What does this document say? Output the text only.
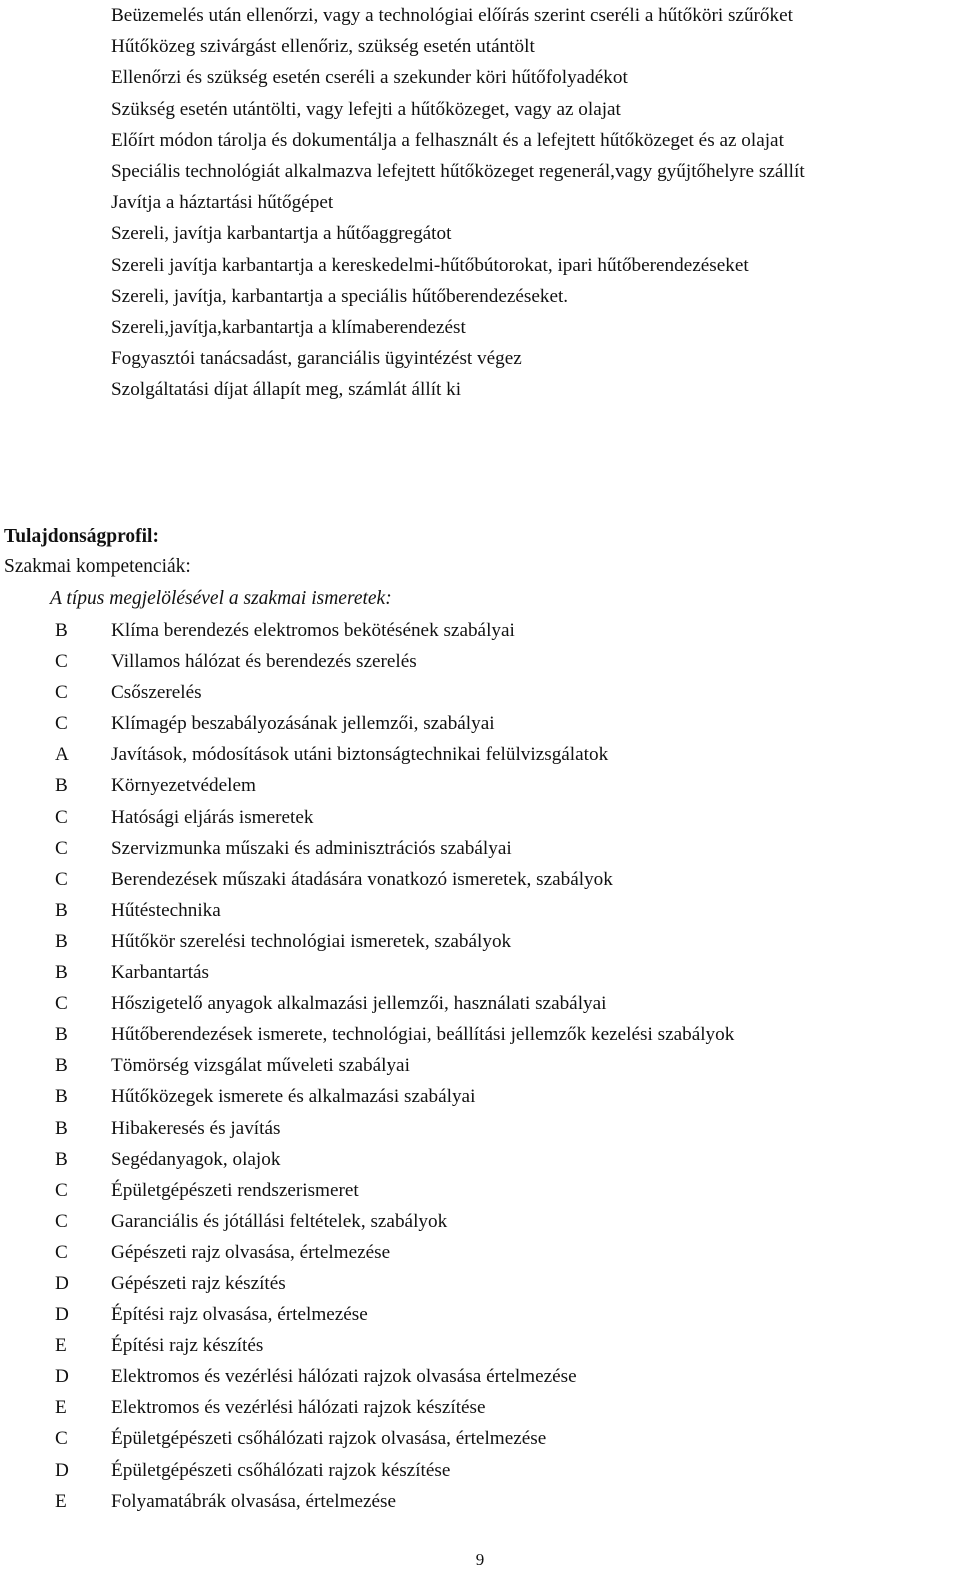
Beüzemelés után ellenőrzi, vagy a technológiai előírás szerint cseréli a hűtőköri szűrőket
Hűtőközeg szivárgást ellenőriz, szükség esetén utántölt
Ellenőrzi és szükség esetén cseréli a szekunder köri hűtőfolyadékot
Szükség esetén utántölti, vagy lefejti a hűtőközeget, vagy az olajat
Előírt módon tárolja és dokumentálja a felhasznált és a lefejtett hűtőközeget és az olajat
Speciális technológiát alkalmazva lefejtett hűtőközeget regenerál,vagy gyűjtőhelyre szállít
Javítja a háztartási hűtőgépet
Szereli, javítja karbantartja a hűtőaggregátot
Szereli javítja karbantartja a kereskedelmi-hűtőbútorokat, ipari hűtőberendezéseket
Szereli, javítja, karbantartja a speciális hűtőberendezéseket.
Szereli,javítja,karbantartja a klímaberendezést
Fogyasztói tanácsadást, garanciális ügyintézést végez
Szolgáltatási díjat állapít meg, számlát állít ki
Tulajdonságprofil:
Szakmai kompetenciák:
A típus megjelölésével a szakmai ismeretek:
B	Klíma berendezés elektromos bekötésének szabályai
C	Villamos hálózat és berendezés szerelés
C	Csőszerelés
C	Klímagép beszabályozásának jellemzői, szabályai
A	Javítások, módosítások utáni biztonságtechnikai felülvizsgálatok
B	Környezetvédelem
C	Hatósági eljárás ismeretek
C	Szervizmunka műszaki és adminisztrációs szabályai
C	Berendezések műszaki átadására vonatkozó ismeretek, szabályok
B	Hűtéstechnika
B	Hűtőkör szerelési technológiai ismeretek, szabályok
B	Karbantartás
C	Hőszigetelő anyagok alkalmazási jellemzői, használati szabályai
B	Hűtőberendezések ismerete, technológiai, beállítási jellemzők kezelési szabályok
B	Tömörség vizsgálat műveleti szabályai
B	Hűtőközegek ismerete és alkalmazási szabályai
B	Hibakeresés és javítás
B	Segédanyagok, olajok
C	Épületgépészeti rendszerismeret
C	Garanciális és jótállási feltételek, szabályok
C	Gépészeti rajz olvasása, értelmezése
D	Gépészeti rajz készítés
D	Építési rajz olvasása, értelmezése
E	Építési rajz készítés
D	Elektromos és vezérlési hálózati rajzok olvasása értelmezése
E	Elektromos és vezérlési hálózati rajzok készítése
C	Épületgépészeti csőhálózati rajzok olvasása, értelmezése
D	Épületgépészeti csőhálózati rajzok készítése
E	Folyamatábrák olvasása, értelmezése
9
